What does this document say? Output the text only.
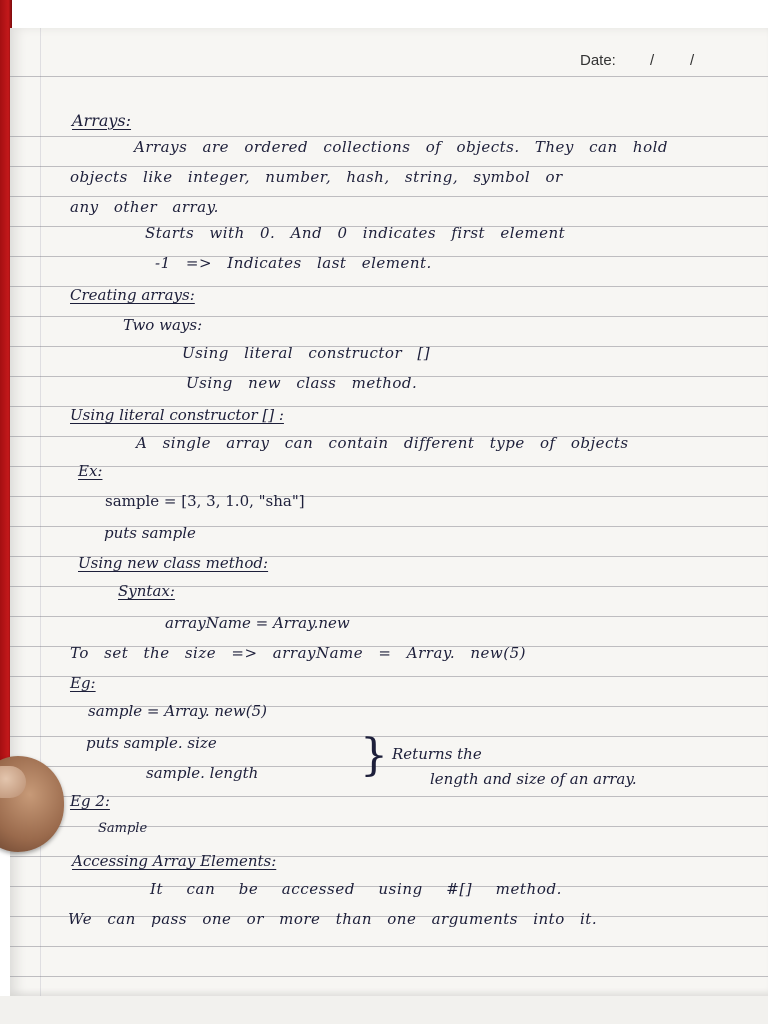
Date: / /
Arrays:
Arrays are ordered collections of objects. They can hold
objects like integer, number, hash, string, symbol or
any other array.
Starts with 0. And 0 indicates first element
-1 => Indicates last element.
Creating arrays:
Two ways:
Using literal constructor []
Using new class method.
Using literal constructor [] :
A single array can contain different type of objects
Ex:
sample = [3, 3, 1.0, "sha"]
puts sample
Using new class method:
Syntax:
arrayName = Array.new
To set the size => arrayName = Array. new(5)
Eg:
sample = Array. new(5)
puts sample. size
sample. length } Returns the
length and size of an array.
Eg 2:
Sample
Accessing Array Elements:
It can be accessed using #[] method.
We can pass one or more than one arguments into it.
